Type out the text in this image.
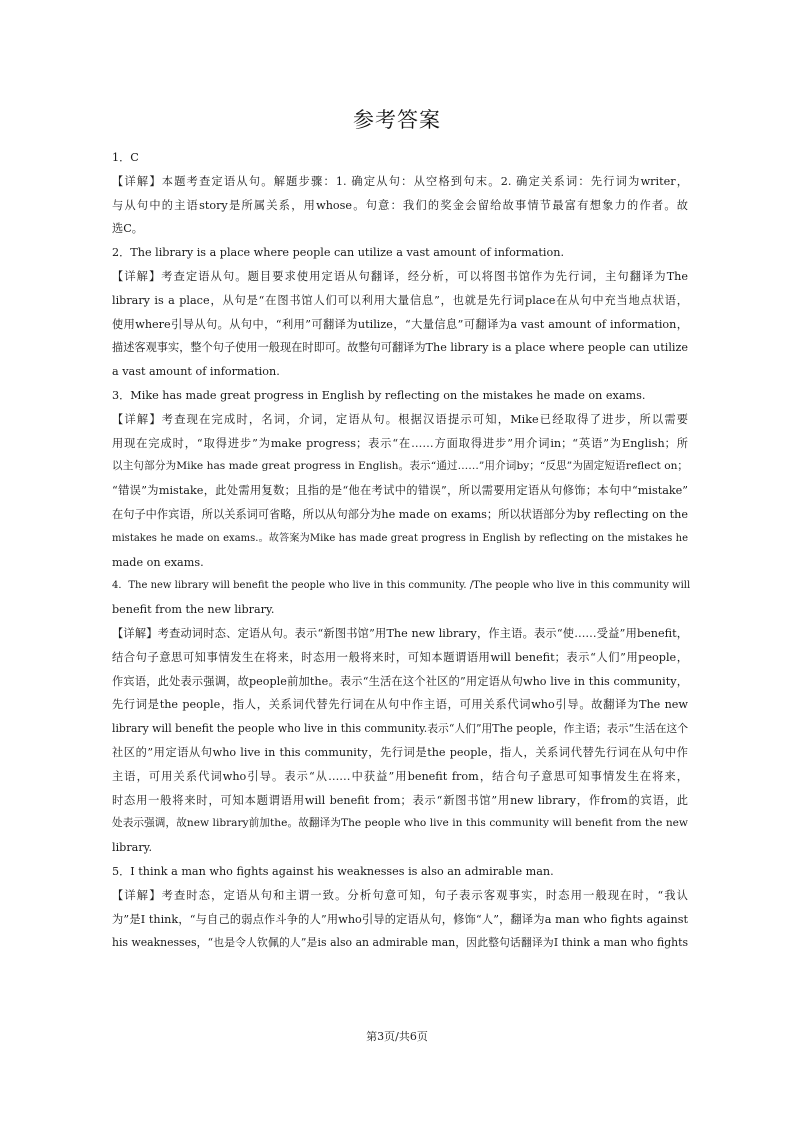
参考答案
1．C
【详解】本题考查定语从句。解题步骤：1. 确定从句：从空格到句末。2. 确定关系词：先行词为writer，
与从句中的主语story是所属关系，用whose。句意：我们的奖金会留给故事情节最富有想象力的作者。故
选C。
2．The library is a place where people can utilize a vast amount of information.
【详解】考查定语从句。题目要求使用定语从句翻译，经分析，可以将图书馆作为先行词，主句翻译为The
library is a place，从句是“在图书馆人们可以利用大量信息”，也就是先行词place在从句中充当地点状语，
使用where引导从句。从句中，“利用”可翻译为utilize，“大量信息”可翻译为a vast amount of information，
描述客观事实，整个句子使用一般现在时即可。故整句可翻译为The library is a place where people can utilize
a vast amount of information.
3．Mike has made great progress in English by reflecting on the mistakes he made on exams.
【详解】考查现在完成时，名词，介词，定语从句。根据汉语提示可知，Mike已经取得了进步，所以需要
用现在完成时，“取得进步”为make progress；表示“在……方面取得进步”用介词in；“英语”为English；所
以主句部分为Mike has made great progress in English。表示“通过……”用介词by；“反思”为固定短语reflect on；
“错误”为mistake，此处需用复数；且指的是“他在考试中的错误”，所以需要用定语从句修饰；本句中“mistake”
在句子中作宾语，所以关系词可省略，所以从句部分为he made on exams；所以状语部分为by reflecting on the
mistakes he made on exams.。故答案为Mike has made great progress in English by reflecting on the mistakes he
made on exams.
4．The new library will benefit the people who live in this community. /The people who live in this community will
benefit from the new library.
【详解】考查动词时态、定语从句。表示“新图书馆”用The new library，作主语。表示“使……受益”用benefit，
结合句子意思可知事情发生在将来，时态用一般将来时，可知本题谓语用will benefit；表示“人们”用people，
作宾语，此处表示强调，故people前加the。表示“生活在这个社区的”用定语从句who live in this community，
先行词是the people，指人，关系词代替先行词在从句中作主语，可用关系代词who引导。故翻译为The new
library will benefit the people who live in this community.表示“人们”用The people，作主语；表示“生活在这个
社区的”用定语从句who live in this community，先行词是the people，指人，关系词代替先行词在从句中作
主语，可用关系代词who引导。表示“从……中获益”用benefit from，结合句子意思可知事情发生在将来，
时态用一般将来时，可知本题谓语用will benefit from；表示“新图书馆”用new library，作from的宾语，此
处表示强调，故new library前加the。故翻译为The people who live in this community will benefit from the new
library.
5．I think a man who fights against his weaknesses is also an admirable man.
【详解】考查时态，定语从句和主谓一致。分析句意可知，句子表示客观事实，时态用一般现在时，“我认
为”是I think，“与自己的弱点作斗争的人”用who引导的定语从句，修饰“人”，翻译为a man who fights against
his weaknesses，“也是令人钦佩的人”是is also an admirable man，因此整句话翻译为I think a man who fights
第3页/共6页
